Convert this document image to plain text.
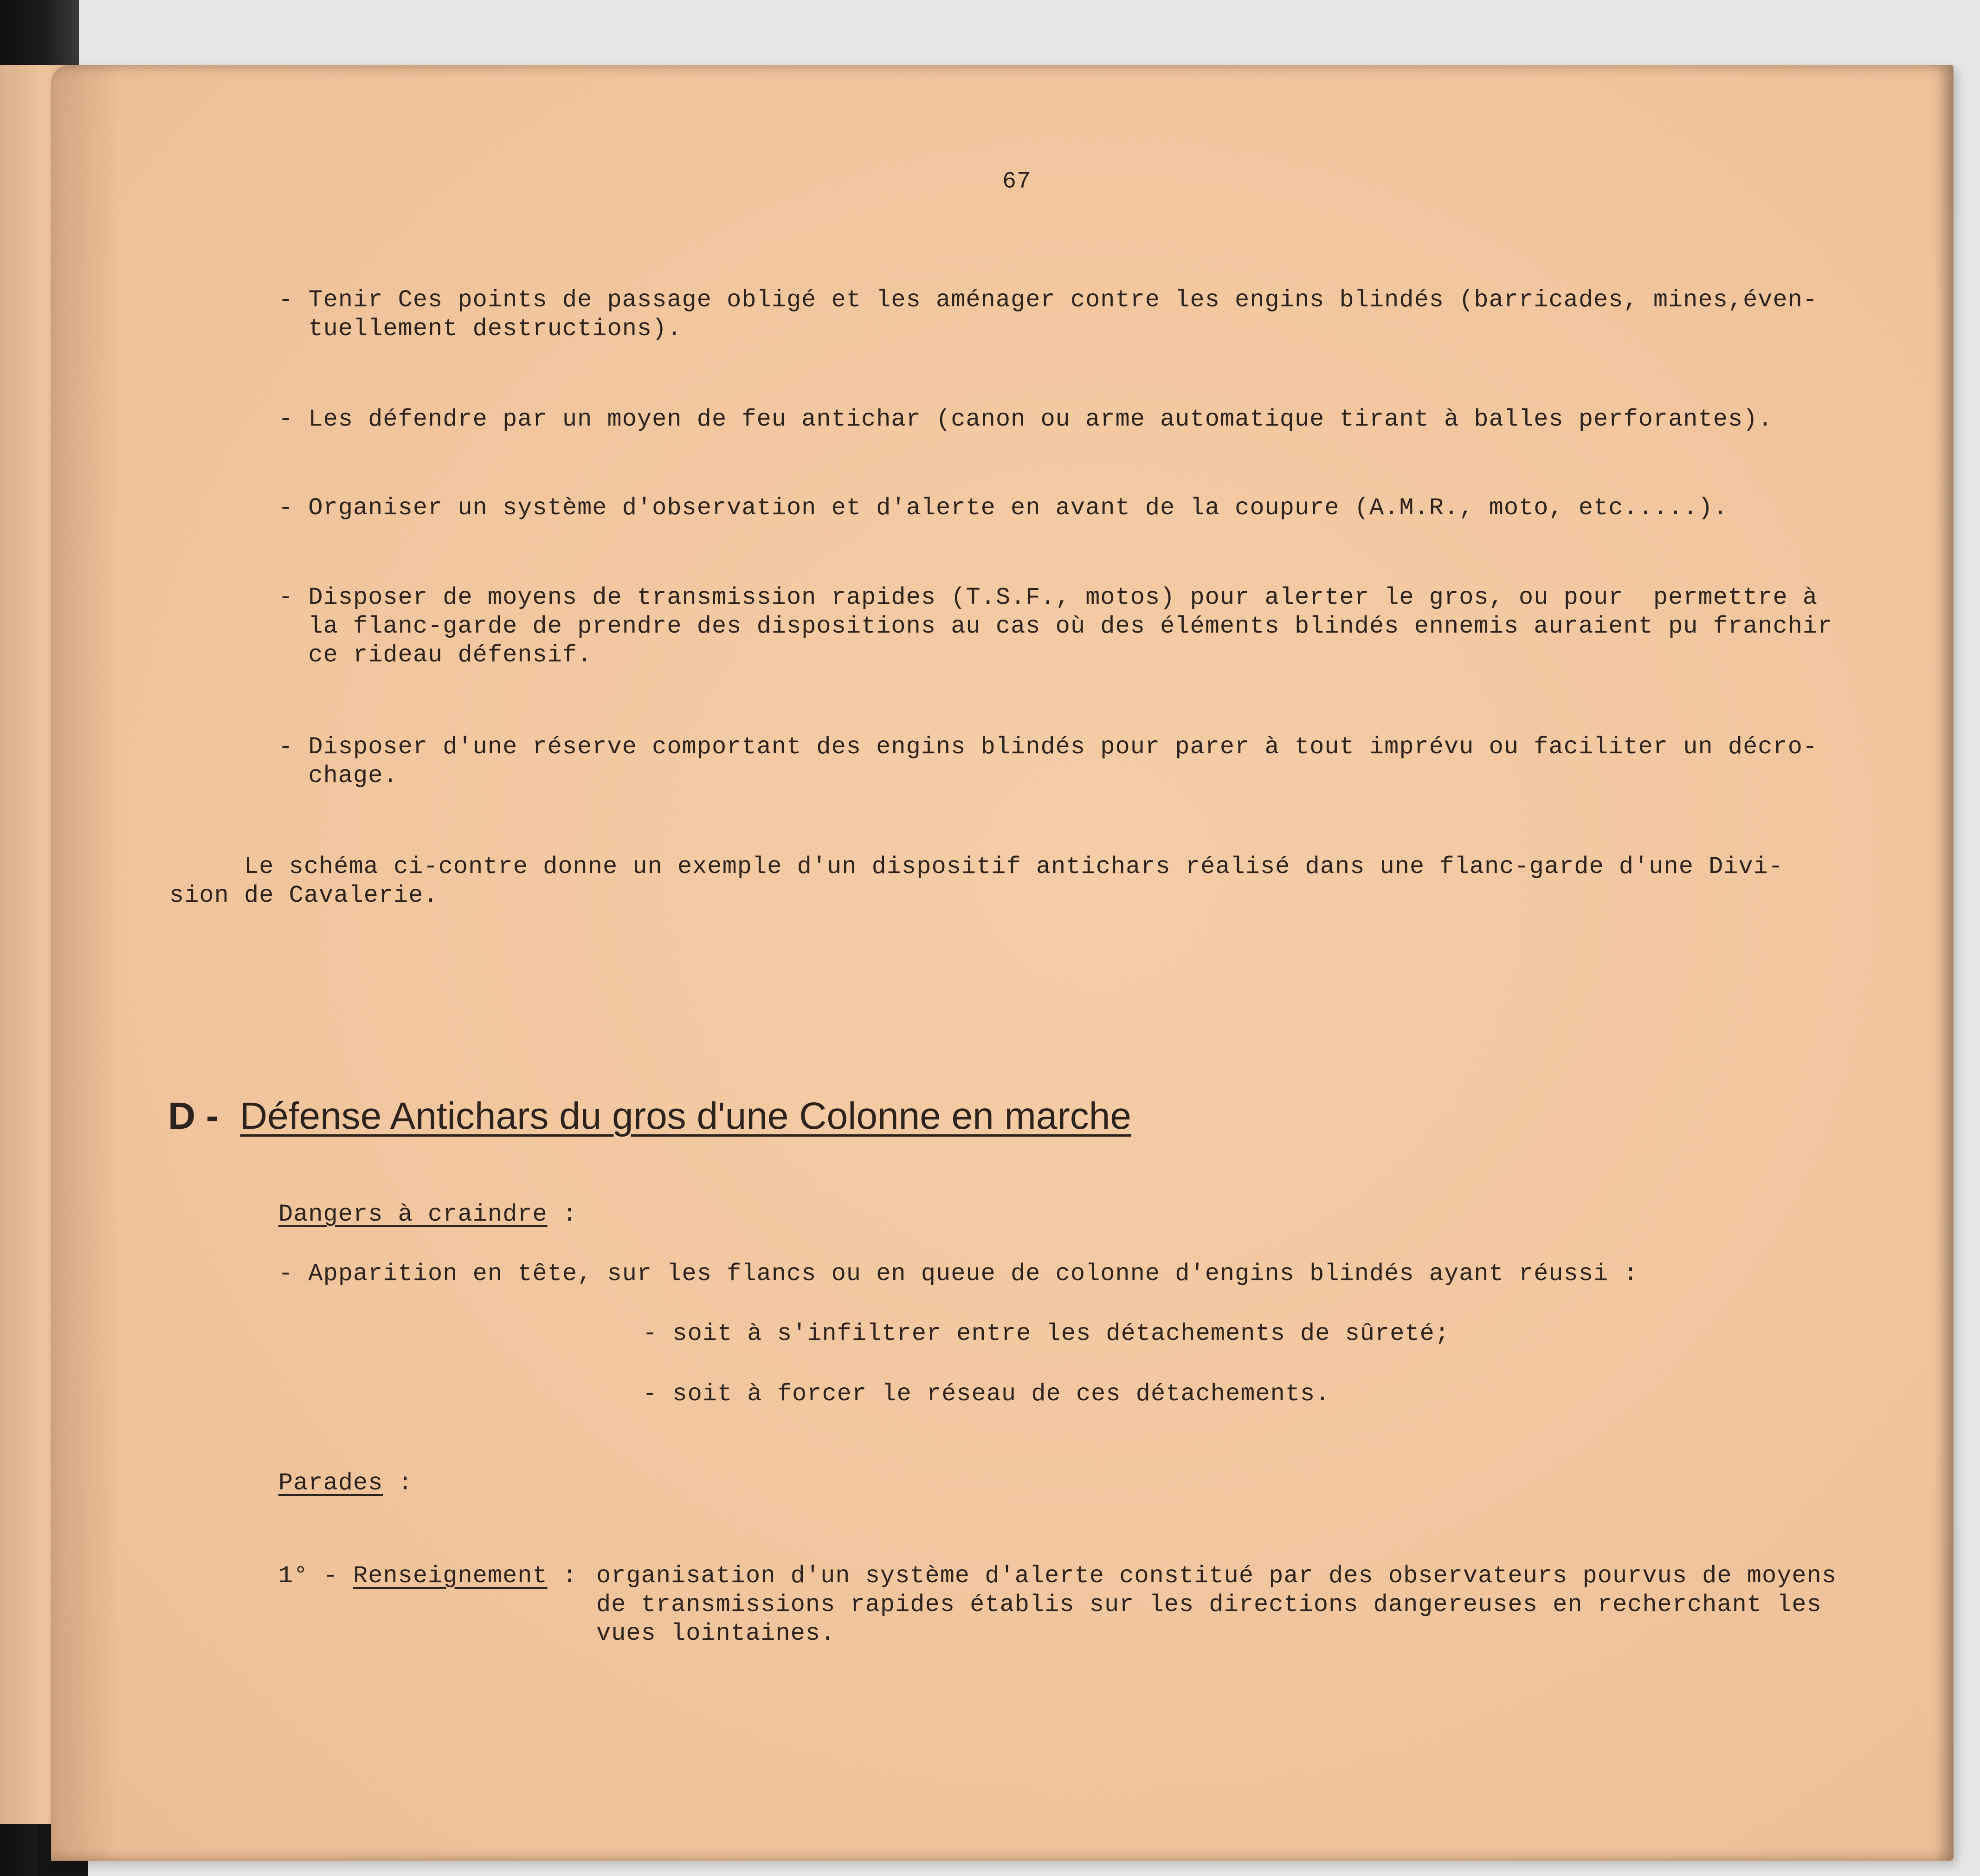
67
- Tenir Ces points de passage obligé et les aménager contre les engins blindés (barricades, mines,éven-
tuellement destructions).
- Les défendre par un moyen de feu antichar (canon ou arme automatique tirant à balles perforantes).
- Organiser un système d'observation et d'alerte en avant de la coupure (A.M.R., moto, etc.....).
- Disposer de moyens de transmission rapides (T.S.F., motos) pour alerter le gros, ou pour  permettre à
la flanc-garde de prendre des dispositions au cas où des éléments blindés ennemis auraient pu franchir
ce rideau défensif.
- Disposer d'une réserve comportant des engins blindés pour parer à tout imprévu ou faciliter un décro-
chage.
Le schéma ci-contre donne un exemple d'un dispositif antichars réalisé dans une flanc-garde d'une Divi-
sion de Cavalerie.
D - Défense Antichars du gros d'une Colonne en marche
Dangers à craindre :
- Apparition en tête, sur les flancs ou en queue de colonne d'engins blindés ayant réussi :
- soit à s'infiltrer entre les détachements de sûreté;
- soit à forcer le réseau de ces détachements.
Parades :
1° - Renseignement : organisation d'un système d'alerte constitué par des observateurs pourvus de moyens
de transmissions rapides établis sur les directions dangereuses en recherchant les
vues lointaines.
